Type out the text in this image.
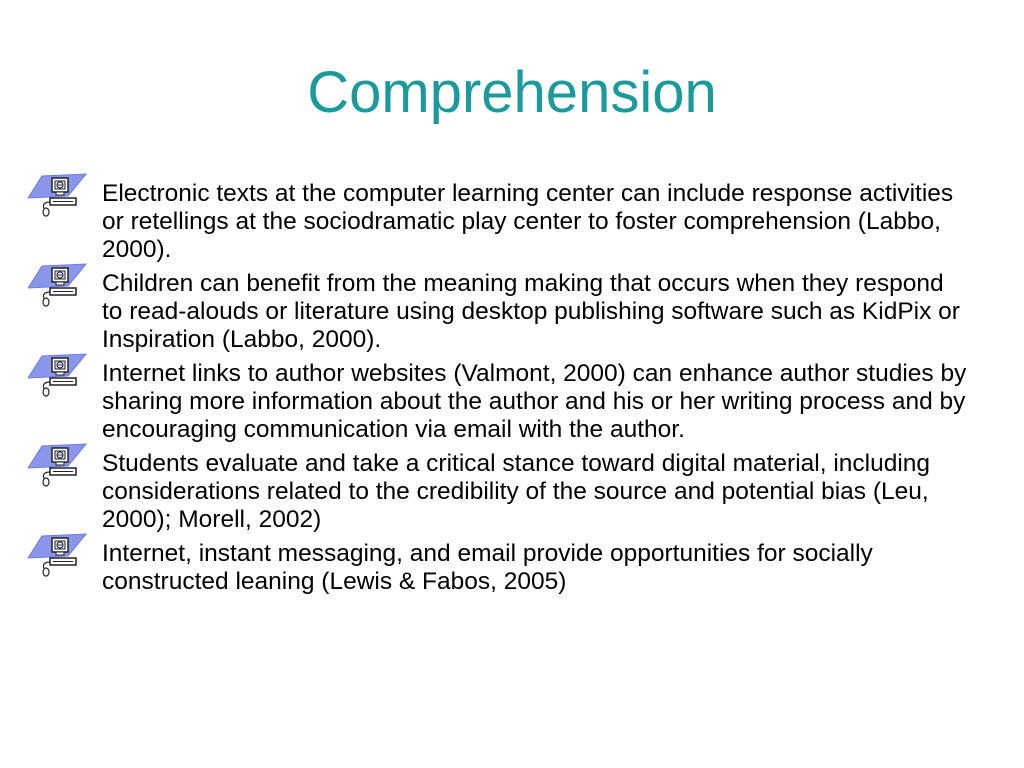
Comprehension
Electronic texts at the computer learning center can include response activities or retellings at the sociodramatic play center to foster comprehension (Labbo, 2000).
Children can benefit from the meaning making that occurs when they respond to read-alouds or literature using desktop publishing software such as KidPix or Inspiration (Labbo, 2000).
Internet links to author websites (Valmont, 2000) can enhance author studies by sharing more information about the author and his or her writing process and by encouraging communication via email with the author.
Students evaluate and take a critical stance toward digital material, including considerations related to the credibility of the source and potential bias (Leu, 2000); Morell, 2002)
Internet, instant messaging, and email provide opportunities for socially constructed leaning (Lewis & Fabos, 2005)
